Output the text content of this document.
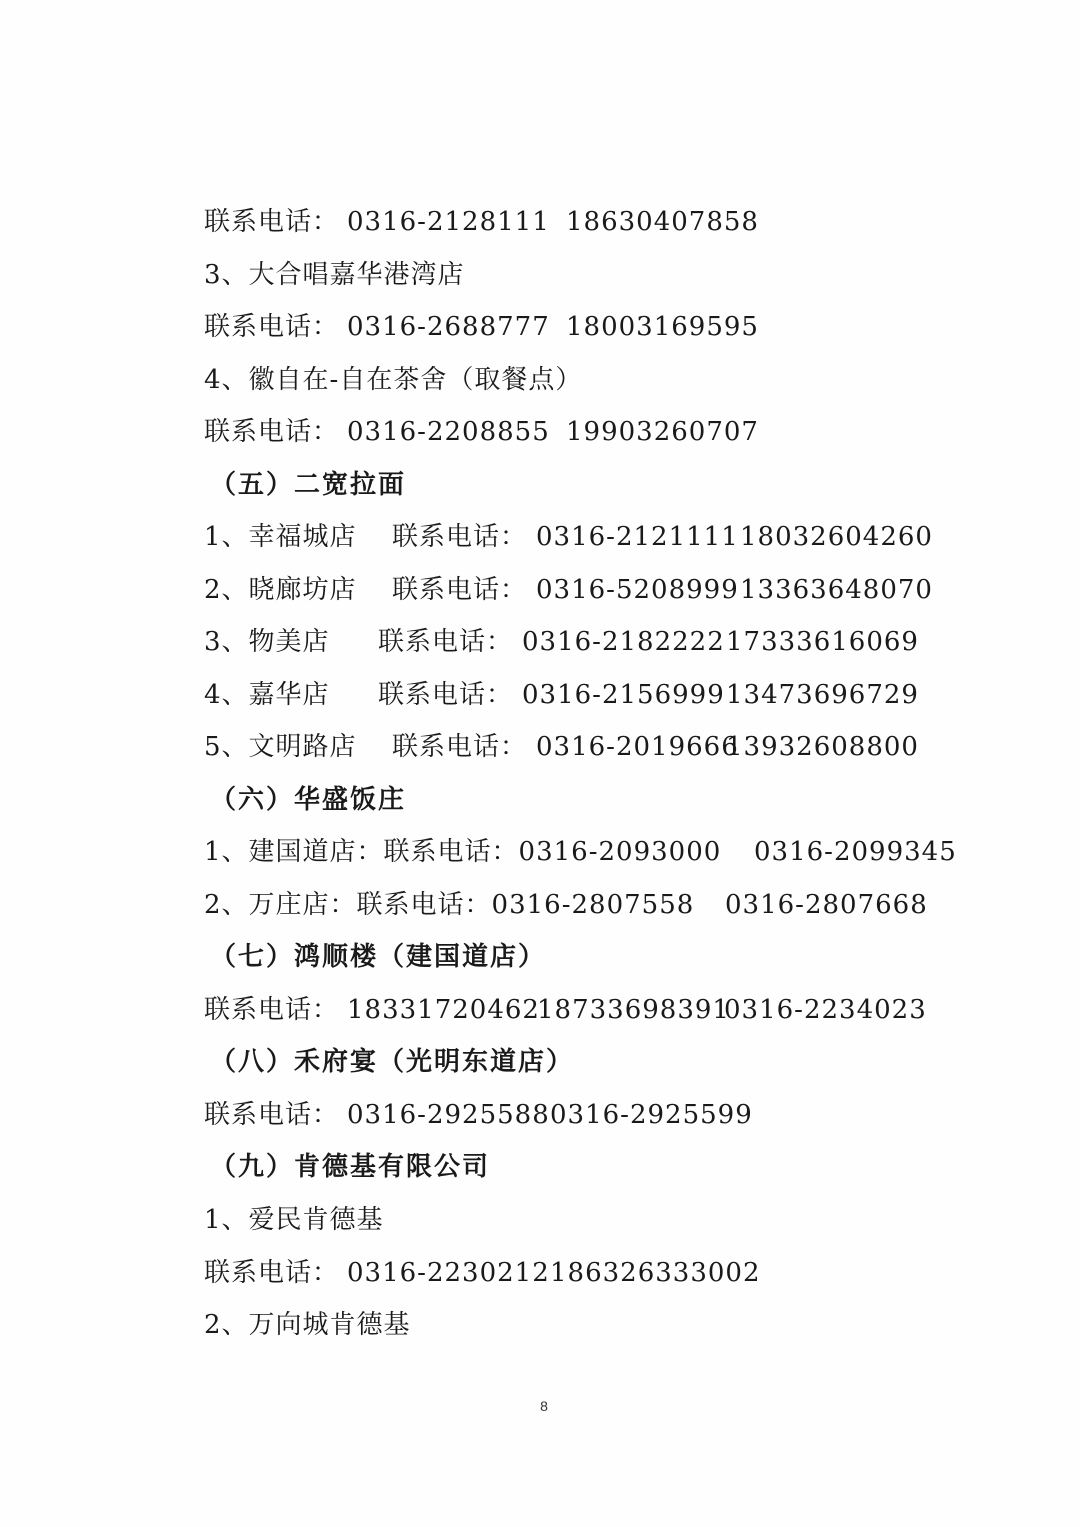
联系电话：

0316-2128111

18630407858

3、大合唱嘉华港湾店

联系电话：

0316-2688777

18003169595

4、徽自在-自在茶舍（取餐点）

联系电话：

0316-2208855

19903260707

（五）二宽拉面

1、幸福城店

联系电话：

0316-2121111

18032604260

2、晓廊坊店

联系电话：

0316-5208999

13363648070

3、物美店

联系电话：

0316-2182222

17333616069

4、嘉华店

联系电话：

0316-2156999

13473696729

5、文明路店

联系电话：

0316-2019666

13932608800

（六）华盛饭庄

1、建国道店：联系电话：0316-2093000

0316-2099345

2、万庄店：联系电话：0316-2807558

0316-2807668

（七）鸿顺楼（建国道店）

联系电话：

18331720462

18733698391

0316-2234023

（八）禾府宴（光明东道店）

联系电话：

0316-2925588

0316-2925599

（九）肯德基有限公司
1、爱民肯德基

联系电话：

0316-2230212

186326333002

2、万向城肯德基
8
